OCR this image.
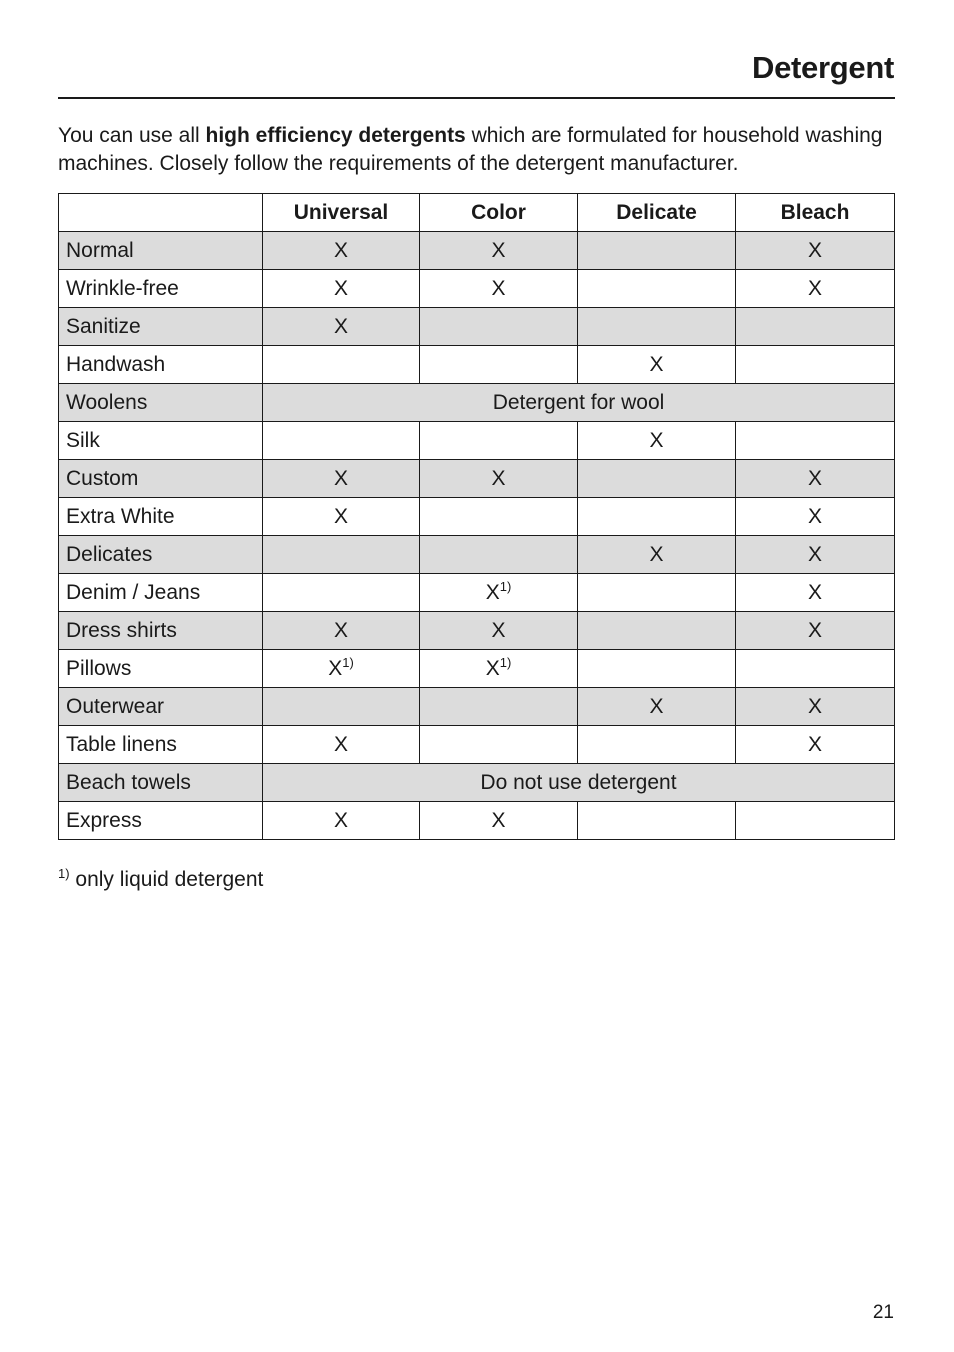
Detergent

You can use all high efficiency detergents which are formulated for household washing machines. Closely follow the requirements of the detergent manufacturer.

	Universal	Color	Delicate	Bleach
Normal	X	X		X
Wrinkle-free	X	X		X
Sanitize	X			
Handwash			X	
Woolens	Detergent for wool			
Silk			X	
Custom	X	X		X
Extra White	X			X
Delicates			X	X
Denim / Jeans		$X^{1)}$		X
Dress shirts	X	X		X
Pillows	$X^{1)}$	$X^{1)}$		
Outerwear			X	X
Table linens	X			X
Beach towels	Do not use detergent			
Express	X	X		

$^{1)}$ only liquid detergent

21
